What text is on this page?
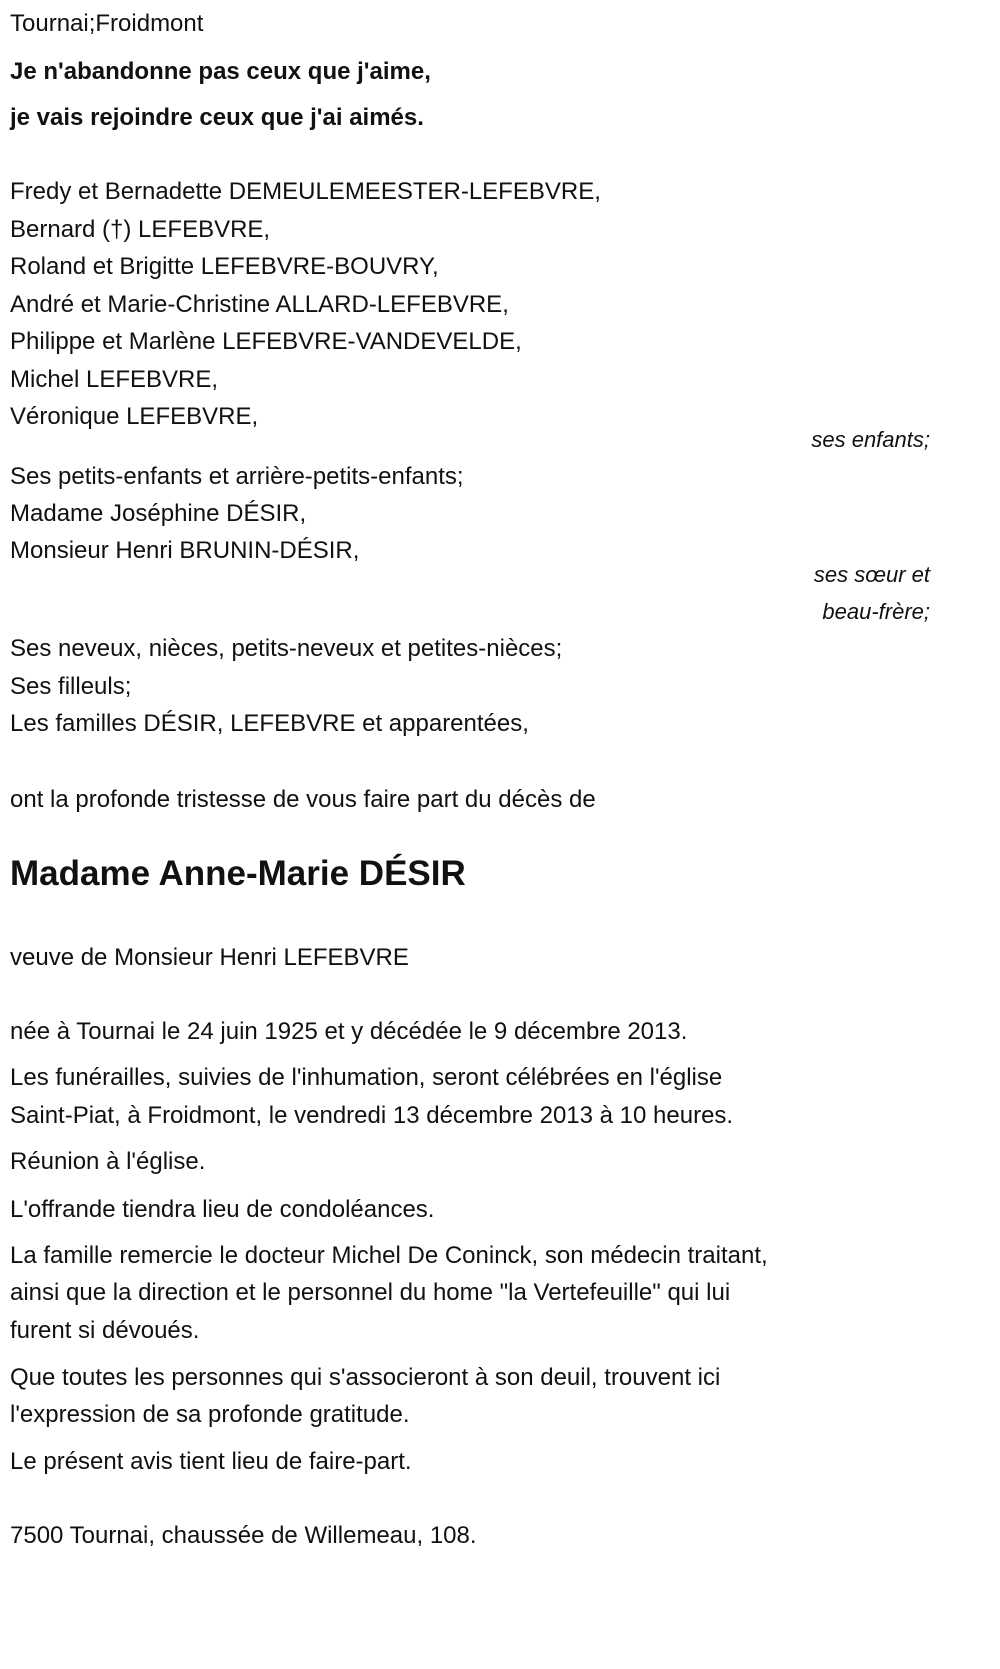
Tournai;Froidmont
Je n'abandonne pas ceux que j'aime,
je vais rejoindre ceux que j'ai aimés.
Fredy et Bernadette DEMEULEMEESTER-LEFEBVRE,
Bernard (†) LEFEBVRE,
Roland et Brigitte LEFEBVRE-BOUVRY,
André et Marie-Christine ALLARD-LEFEBVRE,
Philippe et Marlène LEFEBVRE-VANDEVELDE,
Michel LEFEBVRE,
Véronique LEFEBVRE,
ses enfants;
Ses petits-enfants et arrière-petits-enfants;
Madame Joséphine DÉSIR,
Monsieur Henri BRUNIN-DÉSIR,
ses sœur et
beau-frère;
Ses neveux, nièces, petits-neveux et petites-nièces;
Ses filleuls;
Les familles DÉSIR, LEFEBVRE et apparentées,
ont la profonde tristesse de vous faire part du décès de
Madame Anne-Marie DÉSIR
veuve de Monsieur Henri LEFEBVRE
née à Tournai le 24 juin 1925 et y décédée le 9 décembre 2013.
Les funérailles, suivies de l'inhumation, seront célébrées en l'église
Saint-Piat, à Froidmont, le vendredi 13 décembre 2013 à 10 heures.
Réunion à l'église.
L'offrande tiendra lieu de condoléances.
La famille remercie le docteur Michel De Coninck, son médecin traitant,
ainsi que la direction et le personnel du home "la Vertefeuille" qui lui
furent si dévoués.
Que toutes les personnes qui s'associeront à son deuil, trouvent ici
l'expression de sa profonde gratitude.
Le présent avis tient lieu de faire-part.
7500 Tournai, chaussée de Willemeau, 108.
